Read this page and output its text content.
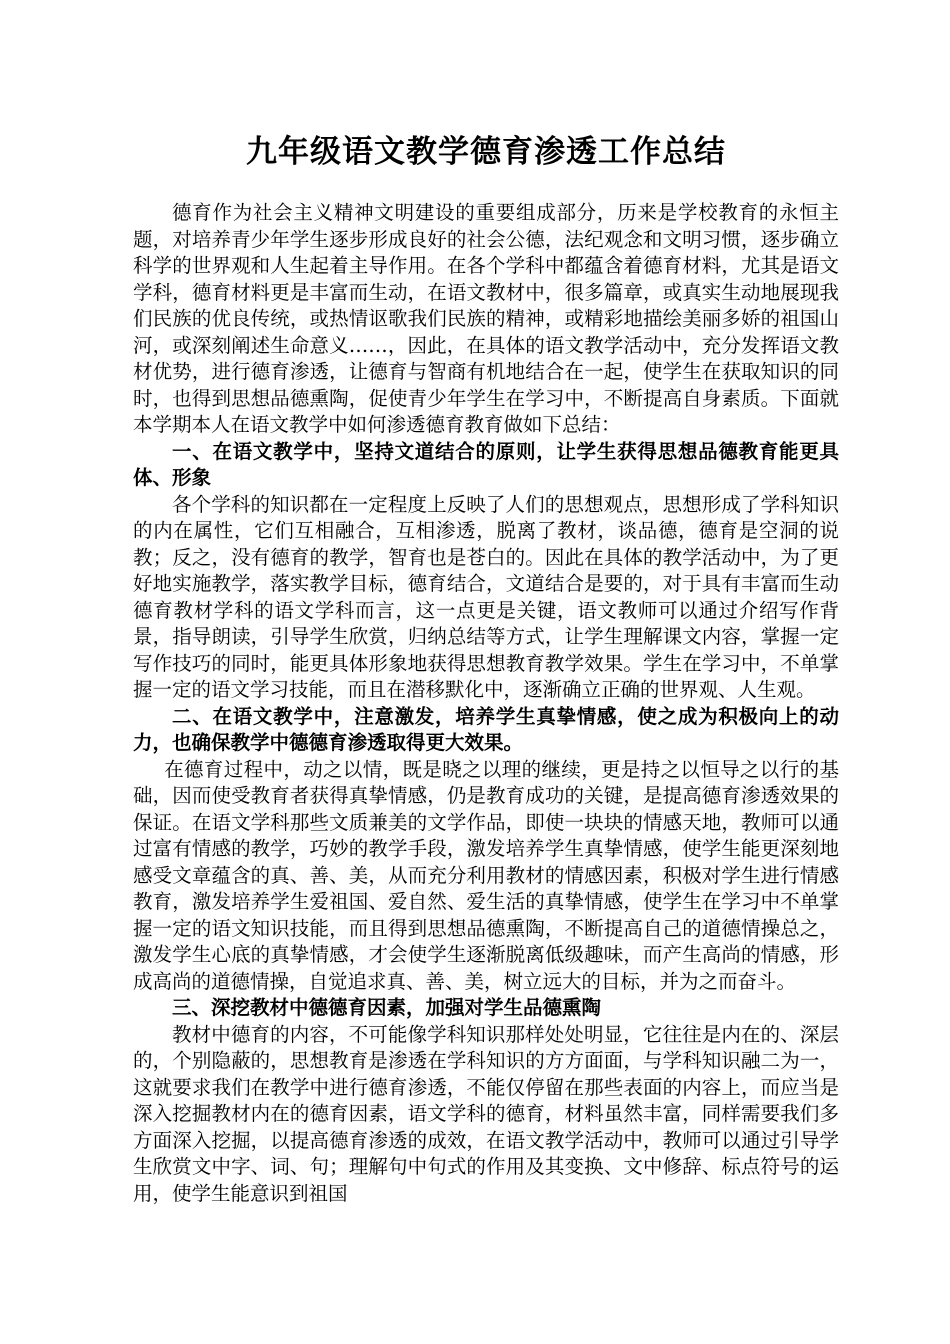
九年级语文教学德育渗透工作总结

德育作为社会主义精神文明建设的重要组成部分，历来是学校教育的永恒主题，对培养青少年学生逐步形成良好的社会公德，法纪观念和文明习惯，逐步确立科学的世界观和人生起着主导作用。在各个学科中都蕴含着德育材料，尤其是语文学科，德育材料更是丰富而生动，在语文教材中，很多篇章，或真实生动地展现我们民族的优良传统，或热情讴歌我们民族的精神，或精彩地描绘美丽多娇的祖国山河，或深刻阐述生命意义……，因此，在具体的语文教学活动中，充分发挥语文教材优势，进行德育渗透，让德育与智商有机地结合在一起，使学生在获取知识的同时，也得到思想品德熏陶，促使青少年学生在学习中，不断提高自身素质。下面就本学期本人在语文教学中如何渗透德育教育做如下总结：

一、在语文教学中，坚持文道结合的原则，让学生获得思想品德教育能更具体、形象

各个学科的知识都在一定程度上反映了人们的思想观点，思想形成了学科知识的内在属性，它们互相融合，互相渗透，脱离了教材，谈品德，德育是空洞的说教；反之，没有德育的教学，智育也是苍白的。因此在具体的教学活动中，为了更好地实施教学，落实教学目标，德育结合，文道结合是要的，对于具有丰富而生动德育教材学科的语文学科而言，这一点更是关键，语文教师可以通过介绍写作背景，指导朗读，引导学生欣赏，归纳总结等方式，让学生理解课文内容，掌握一定写作技巧的同时，能更具体形象地获得思想教育教学效果。学生在学习中，不单掌握一定的语文学习技能，而且在潜移默化中，逐渐确立正确的世界观、人生观。

二、在语文教学中，注意激发，培养学生真挚情感，使之成为积极向上的动力，也确保教学中德德育渗透取得更大效果。

在德育过程中，动之以情，既是晓之以理的继续，更是持之以恒导之以行的基础，因而使受教育者获得真挚情感，仍是教育成功的关键，是提高德育渗透效果的保证。在语文学科那些文质兼美的文学作品，即使一块块的情感天地，教师可以通过富有情感的教学，巧妙的教学手段，激发培养学生真挚情感，使学生能更深刻地感受文章蕴含的真、善、美，从而充分利用教材的情感因素，积极对学生进行情感教育，激发培养学生爱祖国、爱自然、爱生活的真挚情感，使学生在学习中不单掌握一定的语文知识技能，而且得到思想品德熏陶，不断提高自己的道德情操总之，激发学生心底的真挚情感，才会使学生逐渐脱离低级趣味，而产生高尚的情感，形成高尚的道德情操，自觉追求真、善、美，树立远大的目标，并为之而奋斗。

三、深挖教材中德德育因素，加强对学生品德熏陶

教材中德育的内容，不可能像学科知识那样处处明显，它往往是内在的、深层的，个别隐蔽的，思想教育是渗透在学科知识的方方面面，与学科知识融二为一，这就要求我们在教学中进行德育渗透，不能仅停留在那些表面的内容上，而应当是深入挖掘教材内在的德育因素，语文学科的德育，材料虽然丰富，同样需要我们多方面深入挖掘，以提高德育渗透的成效，在语文教学活动中，教师可以通过引导学生欣赏文中字、词、句；理解句中句式的作用及其变换、文中修辞、标点符号的运用，使学生能意识到祖国
